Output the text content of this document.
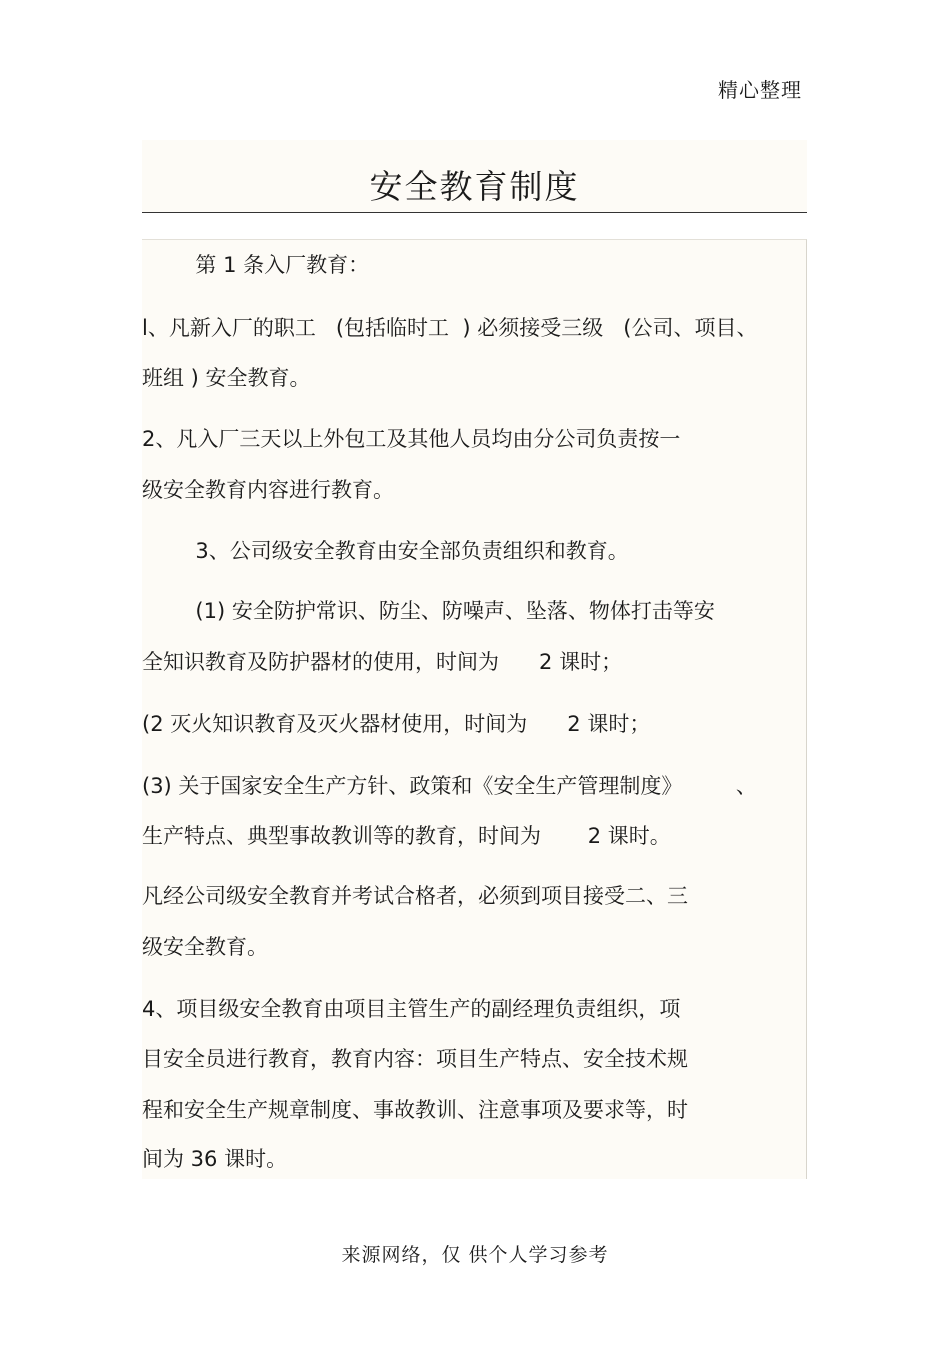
精心整理
安全教育制度
第 1 条入厂教育：
l、凡新入厂的职工   (包括临时工  ) 必须接受三级   (公司、项目、
班组 ) 安全教育。
2、凡入厂三天以上外包工及其他人员均由分公司负责按一
级安全教育内容进行教育。
3、公司级安全教育由安全部负责组织和教育。
(1) 安全防护常识、防尘、防噪声、坠落、物体打击等安
全知识教育及防护器材的使用，时间为      2 课时；
(2 灭火知识教育及灭火器材使用，时间为      2 课时；
(3) 关于国家安全生产方针、政策和《安全生产管理制度》        、
生产特点、典型事故教训等的教育，时间为       2 课时。
凡经公司级安全教育并考试合格者，必须到项目接受二、三
级安全教育。
4、项目级安全教育由项目主管生产的副经理负责组织，项
目安全员进行教育，教育内容：项目生产特点、安全技术规
程和安全生产规章制度、事故教训、注意事项及要求等，时
间为 36 课时。
来源网络，仅 供个人学习参考
